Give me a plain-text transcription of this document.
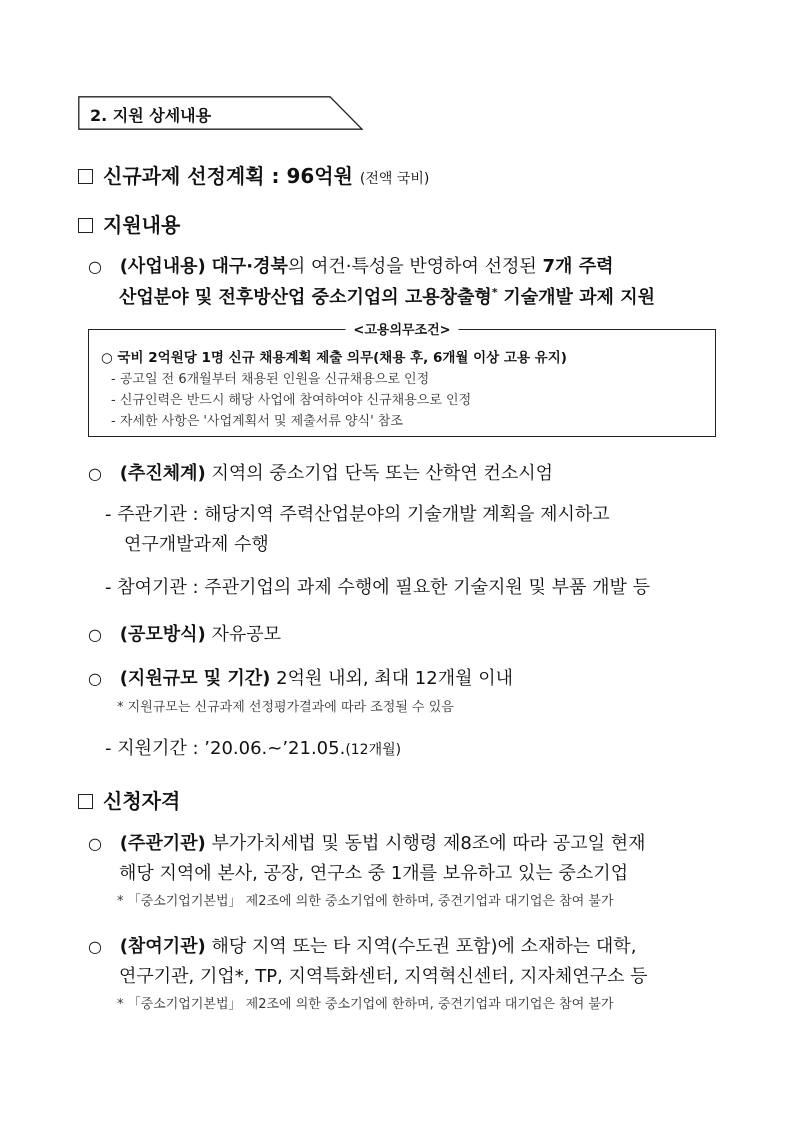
2. 지원 상세내용
신규과제 선정계획 : 96억원 (전액 국비)
지원내용
○ (사업내용) 대구·경북의 여건·특성을 반영하여 선정된 7개 주력
산업분야 및 전후방산업 중소기업의 고용창출형* 기술개발 과제 지원
<고용의무조건>
○ 국비 2억원당 1명 신규 채용계획 제출 의무(채용 후, 6개월 이상 고용 유지)
- 공고일 전 6개월부터 채용된 인원을 신규채용으로 인정
- 신규인력은 반드시 해당 사업에 참여하여야 신규채용으로 인정
- 자세한 사항은 '사업계획서 및 제출서류 양식' 참조
○ (추진체계) 지역의 중소기업 단독 또는 산학연 컨소시엄
- 주관기관 : 해당지역 주력산업분야의 기술개발 계획을 제시하고
연구개발과제 수행
- 참여기관 : 주관기업의 과제 수행에 필요한 기술지원 및 부품 개발 등
○ (공모방식) 자유공모
○ (지원규모 및 기간) 2억원 내외, 최대 12개월 이내
* 지원규모는 신규과제 선정평가결과에 따라 조정될 수 있음
- 지원기간 : ’20.06.~’21.05.(12개월)
신청자격
○ (주관기관) 부가가치세법 및 동법 시행령 제8조에 따라 공고일 현재
해당 지역에 본사, 공장, 연구소 중 1개를 보유하고 있는 중소기업
* 「중소기업기본법」 제2조에 의한 중소기업에 한하며, 중견기업과 대기업은 참여 불가
○ (참여기관) 해당 지역 또는 타 지역(수도권 포함)에 소재하는 대학,
연구기관, 기업*, TP, 지역특화센터, 지역혁신센터, 지자체연구소 등
* 「중소기업기본법」 제2조에 의한 중소기업에 한하며, 중견기업과 대기업은 참여 불가
